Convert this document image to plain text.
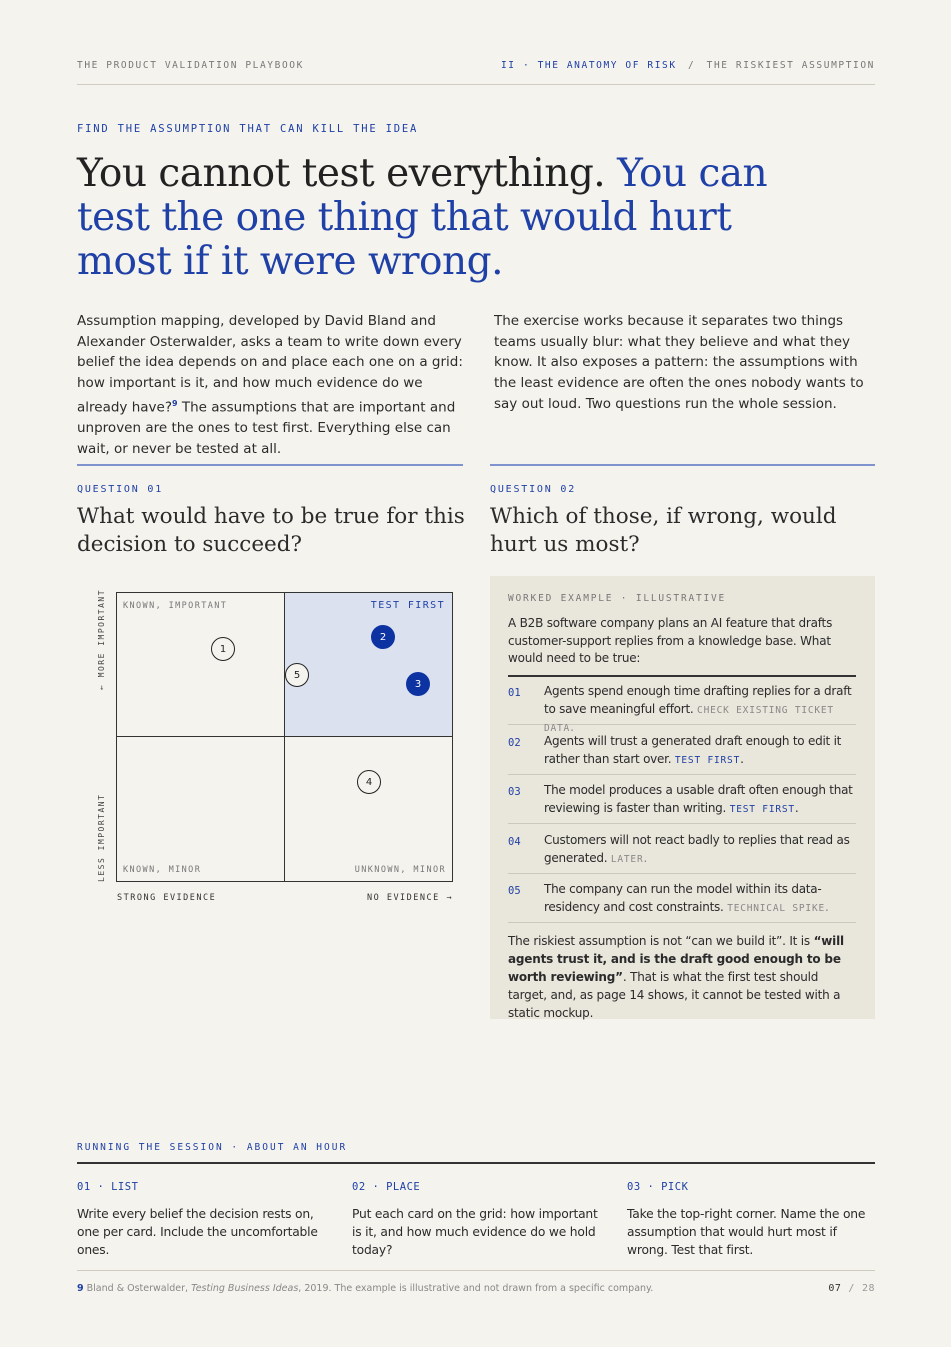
THE PRODUCT VALIDATION PLAYBOOK	II · THE ANATOMY OF RISK / THE RISKIEST ASSUMPTION
FIND THE ASSUMPTION THAT CAN KILL THE IDEA
You cannot test everything. You can test the one thing that would hurt most if it were wrong.
Assumption mapping, developed by David Bland and Alexander Osterwalder, asks a team to write down every belief the idea depends on and place each one on a grid: how important is it, and how much evidence do we already have?$^9$ The assumptions that are important and unproven are the ones to test first. Everything else can wait, or never be tested at all.
The exercise works because it separates two things teams usually blur: what they believe and what they know. It also exposes a pattern: the assumptions with the least evidence are often the ones nobody wants to say out loud. Two questions run the whole session.
QUESTION 01	QUESTION 02
What would have to be true for this decision to succeed?
Which of those, if wrong, would hurt us most?
← MORE IMPORTANT
LESS IMPORTANT
KNOWN, IMPORTANT	TEST FIRST
KNOWN, MINOR	UNKNOWN, MINOR
1
2
3
4
5
STRONG EVIDENCE	NO EVIDENCE →
WORKED EXAMPLE · ILLUSTRATIVE
A B2B software company plans an AI feature that drafts customer-support replies from a knowledge base. What would need to be true:
01 Agents spend enough time drafting replies for a draft to save meaningful effort. CHECK EXISTING TICKET DATA.
02 Agents will trust a generated draft enough to edit it rather than start over. TEST FIRST.
03 The model produces a usable draft often enough that reviewing is faster than writing. TEST FIRST.
04 Customers will not react badly to replies that read as generated. LATER.
05 The company can run the model within its data-residency and cost constraints. TECHNICAL SPIKE.
The riskiest assumption is not “can we build it”. It is “will agents trust it, and is the draft good enough to be worth reviewing”. That is what the first test should target, and, as page 14 shows, it cannot be tested with a static mockup.
RUNNING THE SESSION · ABOUT AN HOUR
01 · LIST	02 · PLACE	03 · PICK
Write every belief the decision rests on, one per card. Include the uncomfortable ones.
Put each card on the grid: how important is it, and how much evidence do we hold today?
Take the top-right corner. Name the one assumption that would hurt most if wrong. Test that first.
9 Bland & Osterwalder, Testing Business Ideas, 2019. The example is illustrative and not drawn from a specific company.	07 / 28
